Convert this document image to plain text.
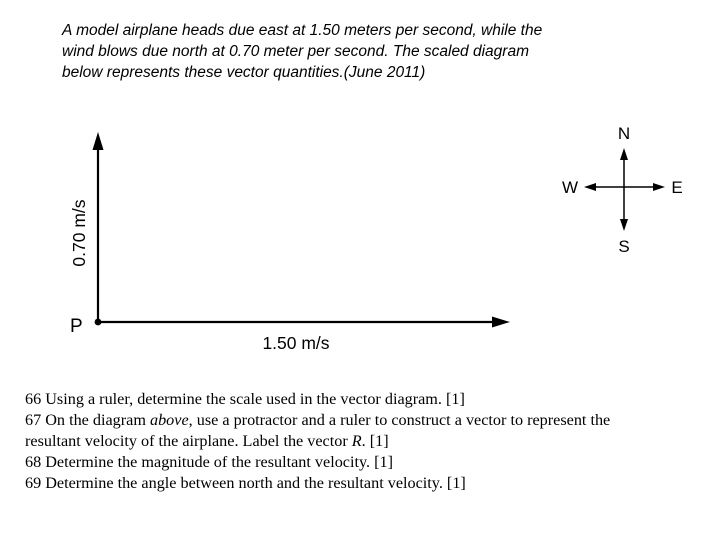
A model airplane heads due east at 1.50 meters per second, while the
wind blows due north at 0.70 meter per second. The scaled diagram
below represents these vector quantities.(June 2011)
P
0.70 m/s
1.50 m/s
N
S
W	E
66 Using a ruler, determine the scale used in the vector diagram. [1]
67 On the diagram above, use a protractor and a ruler to construct a vector to represent the
resultant velocity of the airplane. Label the vector R. [1]
68 Determine the magnitude of the resultant velocity. [1]
69 Determine the angle between north and the resultant velocity. [1]
